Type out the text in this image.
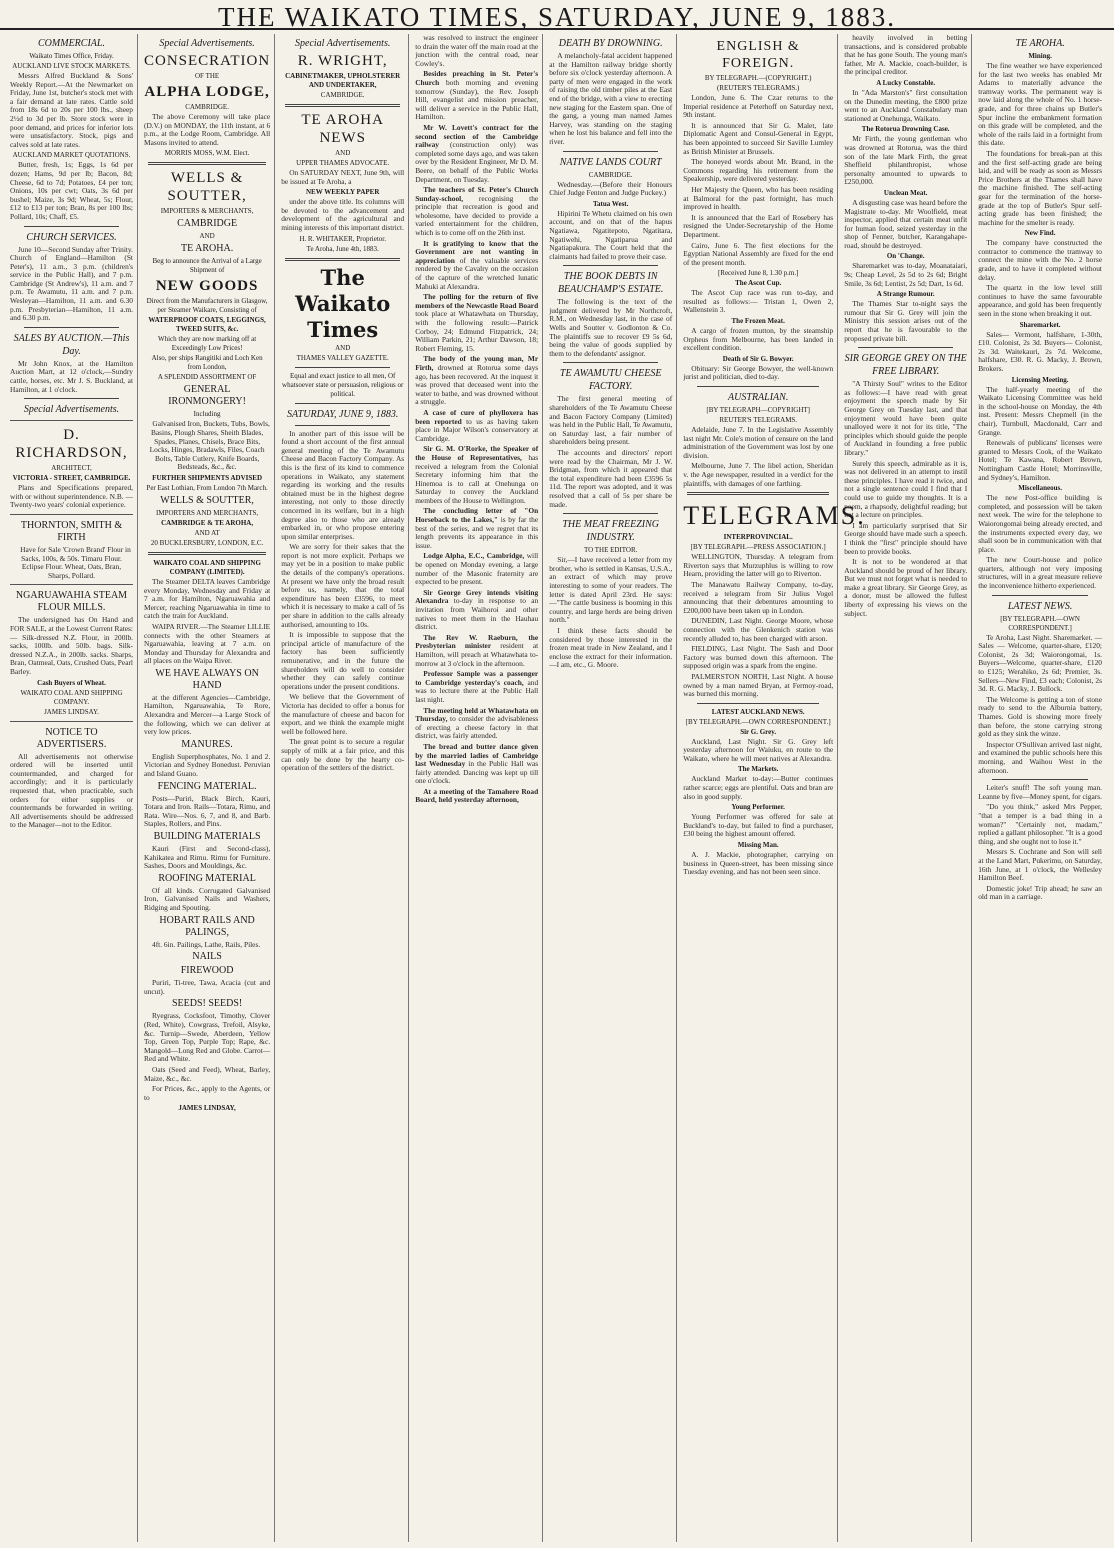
THE WAIKATO TIMES, SATURDAY, JUNE 9, 1883.
COMMERCIAL.
Waikato Times Office, Friday.
AUCKLAND LIVE STOCK MARKETS.
Messrs Alfred Buckland & Sons' Weekly Report.—At the Newmarket on Friday, June 1st, butcher's stock met with a fair demand at late rates. Cattle sold from 18s 6d to 20s per 100 lbs., sheep 2½d to 3d per lb. Store stock were in poor demand, and prices for inferior lots were unsatisfactory. Stock, pigs and calves sold at late rates.
AUCKLAND MARKET QUOTATIONS.
Butter, fresh, 1s; Eggs, 1s 6d per dozen; Hams, 9d per lb; Bacon, 8d; Cheese, 6d to 7d; Potatoes, £4 per ton; Onions, 10s per cwt; Oats, 3s 6d per bushel; Maize, 3s 9d; Wheat, 5s; Flour, £12 to £13 per ton; Bran, 8s per 100 lbs; Pollard, 10s; Chaff, £5.
CHURCH SERVICES.
June 10—Second Sunday after Trinity. Church of England—Hamilton (St Peter's), 11 a.m., 3 p.m. (children's service in the Public Hall), and 7 p.m. Cambridge (St Andrew's), 11 a.m. and 7 p.m. Te Awamutu, 11 a.m. and 7 p.m. Wesleyan—Hamilton, 11 a.m. and 6.30 p.m. Presbyterian—Hamilton, 11 a.m. and 6.30 p.m.
SALES BY AUCTION.—This Day.
Mr John Knox, at the Hamilton Auction Mart, at 12 o'clock,—Sundry cattle, horses, etc. Mr J. S. Buckland, at Hamilton, at 1 o'clock.
Special Advertisements.
D. RICHARDSON,
ARCHITECT,
VICTORIA - STREET, CAMBRIDGE.
Plans and Specifications prepared, with or without superintendence. N.B. — Twenty-two years' colonial experience.
THORNTON, SMITH & FIRTH
Have for Sale 'Crown Brand' Flour in Sacks, 100s, & 50s. Timaru Flour. Eclipse Flour. Wheat, Oats, Bran, Sharps, Pollard.
NGARUAWAHIA STEAM FLOUR MILLS.
The undersigned has On Hand and FOR SALE, at the Lowest Current Rates:— Silk-dressed N.Z. Flour, in 200lb. sacks, 100lb. and 50lb. bags. Silk-dressed N.Z.A., in 200lb. sacks. Sharps, Bran, Oatmeal, Oats, Crushed Oats, Pearl Barley.
Cash Buyers of Wheat.
WAIKATO COAL AND SHIPPING COMPANY.
JAMES LINDSAY.
NOTICE TO ADVERTISERS.
All advertisements not otherwise ordered will be inserted until countermanded, and charged for accordingly; and it is particularly requested that, when practicable, such orders for either supplies or countermands be forwarded in writing. All advertisements should be addressed to the Manager—not to the Editor.
Special Advertisements.
CONSECRATION
OF THE
ALPHA LODGE,
CAMBRIDGE.
The above Ceremony will take place (D.V.) on MONDAY, the 11th instant, at 6 p.m., at the Lodge Room, Cambridge. All Masons invited to attend.
MORRIS MOSS, W.M. Elect.
WELLS & SOUTTER,
IMPORTERS & MERCHANTS,
CAMBRIDGE
AND
TE AROHA.
Beg to announce the Arrival of a Large Shipment of
NEW GOODS
Direct from the Manufacturers in Glasgow, per Steamer Waikare, Consisting of
WATERPROOF COATS, LEGGINGS, TWEED SUITS, &c.
Which they are now marking off at Exceedingly Low Prices!
Also, per ships Rangitiki and Loch Ken from London,
A SPLENDID ASSORTMENT OF
GENERAL IRONMONGERY!
Including
Galvanised Iron, Buckets, Tubs, Bowls, Basins, Plough Shares, Sheith Blades, Spades, Planes, Chisels, Brace Bits, Locks, Hinges, Bradawls, Files, Coach Bolts, Table Cutlery, Knife Boards, Bedsteads, &c., &c.
FURTHER SHIPMENTS ADVISED
Per East Lothian, From London 7th March.
WELLS & SOUTTER,
IMPORTERS AND MERCHANTS,
CAMBRIDGE & TE AROHA,
AND AT
20 BUCKLERSBURY, LONDON, E.C.
WAIKATO COAL AND SHIPPING COMPANY (LIMITED).
The Steamer DELTA leaves Cambridge every Monday, Wednesday and Friday at 7 a.m. for Hamilton, Ngaruawahia and Mercer, reaching Ngaruawahia in time to catch the train for Auckland.
WAIPA RIVER.—The Steamer LILLIE connects with the other Steamers at Ngaruawahia, leaving at 7 a.m. on Monday and Thursday for Alexandra and all places on the Waipa River.
WE HAVE ALWAYS ON HAND
at the different Agencies—Cambridge, Hamilton, Ngaruawahia, Te Rore, Alexandra and Mercer—a Large Stock of the following, which we can deliver at very low prices.
MANURES.
English Superphosphates, No. 1 and 2. Victorian and Sydney Bonedust. Peruvian and Island Guano.
FENCING MATERIAL.
Posts—Puriri, Black Birch, Kauri, Totara and Iron. Rails—Totara, Rimu, and Rata. Wire—Nos. 6, 7, and 8, and Barb. Staples, Rollers, and Pins.
BUILDING MATERIALS
Kauri (First and Second-class), Kahikatea and Rimu. Rimu for Furniture. Sashes, Doors and Mouldings, &c.
ROOFING MATERIAL
Of all kinds. Corrugated Galvanised Iron, Galvanised Nails and Washers, Ridging and Spouting.
HOBART RAILS AND PALINGS,
4ft. 6in. Pailings, Lathe, Rails, Piles.
NAILS
FIREWOOD
Puriri, Ti-tree, Tawa, Acacia (cut and uncut).
SEEDS! SEEDS!
Ryegrass, Cocksfoot, Timothy, Clover (Red, White), Cowgrass, Trefoil, Alsyke, &c. Turnip—Swede, Aberdeen, Yellow Top, Green Top, Purple Top; Rape, &c. Mangold—Long Red and Globe. Carrot—Red and White.
Oats (Seed and Feed), Wheat, Barley, Maize, &c., &c.
For Prices, &c., apply to the Agents, or to
JAMES LINDSAY,
Special Advertisements.
R. WRIGHT,
CABINETMAKER, UPHOLSTERER AND UNDERTAKER,
CAMBRIDGE.
TE AROHA NEWS
AND
UPPER THAMES ADVOCATE.
On SATURDAY NEXT, June 9th, will be issued at Te Aroha, a
NEW WEEKLY PAPER
under the above title. Its columns will be devoted to the advancement and development of the agricultural and mining interests of this important district.
H. R. WHITAKER, Proprietor.
Te Aroha, June 4th, 1883.
The Waikato Times
AND
THAMES VALLEY GAZETTE.
Equal and exact justice to all men, Of whatsoever state or persuasion, religious or political.
SATURDAY, JUNE 9, 1883.
In another part of this issue will be found a short account of the first annual general meeting of the Te Awamutu Cheese and Bacon Factory Company. As this is the first of its kind to commence operations in Waikato, any statement regarding its working and the results obtained must be in the highest degree interesting, not only to those directly concerned in its welfare, but in a high degree also to those who are already embarked in, or who propose entering upon similar enterprises.
We are sorry for their sakes that the report is not more explicit. Perhaps we may yet be in a position to make public the details of the company's operations. At present we have only the broad result before us, namely, that the total expenditure has been £3596, to meet which it is necessary to make a call of 5s per share in addition to the calls already authorised, amounting to 10s.
It is impossible to suppose that the principal article of manufacture of the factory has been sufficiently remunerative, and in the future the shareholders will do well to consider whether they can safely continue operations under the present conditions.
We believe that the Government of Victoria has decided to offer a bonus for the manufacture of cheese and bacon for export, and we think the example might well be followed here.
The great point is to secure a regular supply of milk at a fair price, and this can only be done by the hearty co-operation of the settlers of the district.
was resolved to instruct the engineer to drain the water off the main road at the junction with the central road, near Cowley's.
Besides preaching in St. Peter's Church both morning and evening tomorrow (Sunday), the Rev. Joseph Hill, evangelist and mission preacher, will deliver a service in the Public Hall, Hamilton.
Mr W. Lovett's contract for the second section of the Cambridge railway (construction only) was completed some days ago, and was taken over by the Resident Engineer, Mr D. M. Beere, on behalf of the Public Works Department, on Tuesday.
The teachers of St. Peter's Church Sunday-school, recognising the principle that recreation is good and wholesome, have decided to provide a varied entertainment for the children, which is to come off on the 26th inst.
It is gratifying to know that the Government are not wanting in appreciation of the valuable services rendered by the Cavalry on the occasion of the capture of the wretched lunatic Mahuki at Alexandra.
The polling for the return of five members of the Newcastle Road Board took place at Whatawhata on Thursday, with the following result:—Patrick Corboy, 24; Edmund Fitzpatrick, 24; William Parkin, 21; Arthur Dawson, 18; Robert Fleming, 15.
The body of the young man, Mr Firth, drowned at Rotorua some days ago, has been recovered. At the inquest it was proved that deceased went into the water to bathe, and was drowned without a struggle.
A case of cure of phylloxera has been reported to us as having taken place in Major Wilson's conservatory at Cambridge.
Sir G. M. O'Rorke, the Speaker of the House of Representatives, has received a telegram from the Colonial Secretary informing him that the Hinemoa is to call at Onehunga on Saturday to convey the Auckland members of the House to Wellington.
The concluding letter of "On Horseback to the Lakes," is by far the best of the series, and we regret that its length prevents its appearance in this issue.
Lodge Alpha, E.C., Cambridge, will be opened on Monday evening, a large number of the Masonic fraternity are expected to be present.
Sir George Grey intends visiting Alexandra to-day in response to an invitation from Waihoroi and other natives to meet them in the Hauhau district.
The Rev W. Raeburn, the Presbyterian minister resident at Hamilton, will preach at Whatawhata to-morrow at 3 o'clock in the afternoon.
Professor Sample was a passenger to Cambridge yesterday's coach, and was to lecture there at the Public Hall last night.
The meeting held at Whatawhata on Thursday, to consider the advisableness of erecting a cheese factory in that district, was fairly attended.
The bread and butter dance given by the married ladies of Cambridge last Wednesday in the Public Hall was fairly attended. Dancing was kept up till one o'clock.
At a meeting of the Tamahere Road Board, held yesterday afternoon,
DEATH BY DROWNING.
A melancholy-fatal accident happened at the Hamilton railway bridge shortly before six o'clock yesterday afternoon. A party of men were engaged in the work of raising the old timber piles at the East end of the bridge, with a view to erecting new staging for the Eastern span. One of the gang, a young man named James Harvey, was standing on the staging when he lost his balance and fell into the river.
NATIVE LANDS COURT
CAMBRIDGE.
Wednesday.—(Before their Honours Chief Judge Fenton and Judge Puckey.)
Tatua West.
Hipirini Te Whetu claimed on his own account, and on that of the hapus Ngatiawa, Ngatitepoto, Ngatitara, Ngatiwehi, Ngatiparua and Ngatiapakura. The Court held that the claimants had failed to prove their case.
THE BOOK DEBTS IN BEAUCHAMP'S ESTATE.
The following is the text of the judgment delivered by Mr Northcroft, R.M., on Wednesday last, in the case of Wells and Soutter v. Godlonton & Co. The plaintiffs sue to recover £9 5s 6d, being the value of goods supplied by them to the defendants' assignor.
TE AWAMUTU CHEESE FACTORY.
The first general meeting of shareholders of the Te Awamutu Cheese and Bacon Factory Company (Limited) was held in the Public Hall, Te Awamutu, on Saturday last, a fair number of shareholders being present.
The accounts and directors' report were read by the Chairman, Mr J. W. Bridgman, from which it appeared that the total expenditure had been £3596 5s 11d. The report was adopted, and it was resolved that a call of 5s per share be made.
THE MEAT FREEZING INDUSTRY.
TO THE EDITOR.
Sir,—I have received a letter from my brother, who is settled in Kansas, U.S.A., an extract of which may prove interesting to some of your readers. The letter is dated April 23rd. He says:—"The cattle business is booming in this country, and large herds are being driven north."
I think these facts should be considered by those interested in the frozen meat trade in New Zealand, and I enclose the extract for their information.—I am, etc., G. Moore.
ENGLISH & FOREIGN.
BY TELEGRAPH.—(COPYRIGHT.)
(REUTER'S TELEGRAMS.)
London, June 6. The Czar returns to the Imperial residence at Peterhoff on Saturday next, 9th instant.
It is announced that Sir G. Malet, late Diplomatic Agent and Consul-General in Egypt, has been appointed to succeed Sir Saville Lumley as British Minister at Brussels.
The honeyed words about Mr. Brand, in the Commons regarding his retirement from the Speakership, were delivered yesterday.
Her Majesty the Queen, who has been residing at Balmoral for the past fortnight, has much improved in health.
It is announced that the Earl of Rosebery has resigned the Under-Secretaryship of the Home Department.
Cairo, June 6. The first elections for the Egyptian National Assembly are fixed for the end of the present month.
[Received June 8, 1.30 p.m.]
The Ascot Cup.
The Ascot Cup race was run to-day, and resulted as follows:— Tristan 1, Owen 2, Wallenstein 3.
The Frozen Meat.
A cargo of frozen mutton, by the steamship Orpheus from Melbourne, has been landed in excellent condition.
Death of Sir G. Bowyer.
Obituary: Sir George Bowyer, the well-known jurist and politician, died to-day.
AUSTRALIAN.
[BY TELEGRAPH—COPYRIGHT]
REUTER'S TELEGRAMS.
Adelaide, June 7. In the Legislative Assembly last night Mr. Cole's motion of censure on the land administration of the Government was lost by one division.
Melbourne, June 7. The libel action, Sheridan v. the Age newspaper, resulted in a verdict for the plaintiffs, with damages of one farthing.
TELEGRAMS.
INTERPROVINCIAL.
[BY TELEGRAPH.—PRESS ASSOCIATION.]
WELLINGTON, Thursday. A telegram from Riverton says that Murzuphlus is willing to row Hearn, providing the latter will go to Riverton.
The Manawatu Railway Company, to-day, received a telegram from Sir Julius Vogel announcing that their debentures amounting to £200,000 have been taken up in London.
DUNEDIN, Last Night. George Moore, whose connection with the Glenkenich station was recently alluded to, has been charged with arson.
FIELDING, Last Night. The Sash and Door Factory was burned down this afternoon. The supposed origin was a spark from the engine.
PALMERSTON NORTH, Last Night. A house owned by a man named Bryan, at Fermoy-road, was burned this morning.
LATEST AUCKLAND NEWS.
[BY TELEGRAPH.—OWN CORRESPONDENT.]
Sir G. Grey.
Auckland, Last Night. Sir G. Grey left yesterday afternoon for Waiuku, en route to the Waikato, where he will meet natives at Alexandra.
The Markets.
Auckland Market to-day:—Butter continues rather scarce; eggs are plentiful. Oats and bran are also in good supply.
Young Performer.
Young Performer was offered for sale at Buckland's to-day, but failed to find a purchaser, £30 being the highest amount offered.
Missing Man.
A. J. Mackie, photographer, carrying on business in Queen-street, has been missing since Tuesday evening, and has not been seen since.
heavily involved in betting transactions, and is considered probable that he has gone South. The young man's father, Mr A. Mackie, coach-builder, is the principal creditor.
A Lucky Constable.
In "Ada Marston's" first consultation on the Dunedin meeting, the £800 prize went to an Auckland Constabulary man stationed at Onehunga, Waikato.
The Rotorua Drowning Case.
Mr Firth, the young gentleman who was drowned at Rotorua, was the third son of the late Mark Firth, the great Sheffield philanthropist, whose personalty amounted to upwards to £250,000.
Unclean Meat.
A disgusting case was heard before the Magistrate to-day. Mr Woolfield, meat inspector, applied that certain meat unfit for human food, seized yesterday in the shop of Fenner, butcher, Karangahape-road, should be destroyed.
On 'Change.
Sharemarket was to-day, Moanataiari, 9s; Cheap Level, 2s 5d to 2s 6d; Bright Smile, 3s 6d; Lentist, 2s 5d; Dart, 1s 6d.
A Strange Rumour.
The Thames Star to-night says the rumour that Sir G. Grey will join the Ministry this session arises out of the report that he is favourable to the proposed private bill.
SIR GEORGE GREY ON THE FREE LIBRARY.
"A Thirsty Soul" writes to the Editor as follows:—I have read with great enjoyment the speech made by Sir George Grey on Tuesday last, and that enjoyment would have been quite unalloyed were it not for its title, "The principles which should guide the people of Auckland in founding a free public library."
Surely this speech, admirable as it is, was not delivered in an attempt to instil these principles. I have read it twice, and not a single sentence could I find that I could use to guide my thoughts. It is a poem, a rhapsody, delightful reading; but not a lecture on principles.
I am particularly surprised that Sir George should have made such a speech. I think the "first" principle should have been to provide books.
It is not to be wondered at that Auckland should be proud of her library. But we must not forget what is needed to make a great library. Sir George Grey, as a donor, must be allowed the fullest liberty of expressing his views on the subject.
TE AROHA.
Mining.
The fine weather we have experienced for the last two weeks has enabled Mr Adams to materially advance the tramway works. The permanent way is now laid along the whole of No. 1 horse-grade, and for three chains up Butler's Spur incline the embankment formation on this grade will be completed, and the whole of the rails laid in a fortnight from this date.
The foundations for break-pan at this and the first self-acting grade are being laid, and will be ready as soon as Messrs Price Brothers at the Thames shall have the machine finished. The self-acting gear for the termination of the horse-grade at the top of Butler's Spur self-acting grade has been finished; the machine for the smelter is ready.
New Find.
The company have constructed the contractor to commence the tramway to connect the mine with the No. 2 horse grade, and to have it completed without delay.
The quartz in the low level still continues to have the same favourable appearance, and gold has been frequently seen in the stone when breaking it out.
Sharemarket.
Sales— Vermont, halfshare, 1-30th, £10. Colonist, 2s 3d. Buyers— Colonist, 2s 3d. Waitekauri, 2s 7d. Welcome, halfshare, £30. R. G. Macky, J. Brown, Brokers.
Licensing Meeting.
The half-yearly meeting of the Waikato Licensing Committee was held in the school-house on Monday, the 4th inst. Present: Messrs Chepmell (in the chair), Turnbull, Macdonald, Carr and Grange.
Renewals of publicans' licenses were granted to Messrs Cook, of the Waikato Hotel; Te Kawana, Robert Brown, Nottingham Castle Hotel; Morrinsville, and Sydney's, Hamilton.
Miscellaneous.
The new Post-office building is completed, and possession will be taken next week. The wire for the telephone to Waiorongomai being already erected, and the instruments expected every day, we shall soon be in communication with that place.
The new Court-house and police quarters, although not very imposing structures, will in a great measure relieve the inconvenience hitherto experienced.
LATEST NEWS.
[BY TELEGRAPH.—OWN CORRESPONDENT.]
Te Aroha, Last Night. Sharemarket. — Sales — Welcome, quarter-share, £120; Colonist, 2s 3d; Waiorongomai, 1s. Buyers—Welcome, quarter-share, £120 to £125; Werahiko, 2s 6d; Premier, 3s. Sellers—New Find, £3 each; Colonist, 2s 3d. R. G. Macky, J. Bullock.
The Welcome is getting a ton of stone ready to send to the Alburnia battery, Thames. Gold is showing more freely than before, the stone carrying strong gold as they sink the winze.
Inspector O'Sullivan arrived last night, and examined the public schools here this morning, and Waihou West in the afternoon.
Leiter's snuff! The soft young man. Leanne by five—Money spent, for cigars.
"Do you think," asked Mrs Pepper, "that a temper is a bad thing in a woman?" "Certainly not, madam," replied a gallant philosopher. "It is a good thing, and she ought not to lose it."
Messrs S. Cochrane and Son will sell at the Land Mart, Pukerimu, on Saturday, 16th June, at 1 o'clock, the Wellesley Hamilton Beef.
Domestic joke! Trip ahead; he saw an old man in a carriage.
